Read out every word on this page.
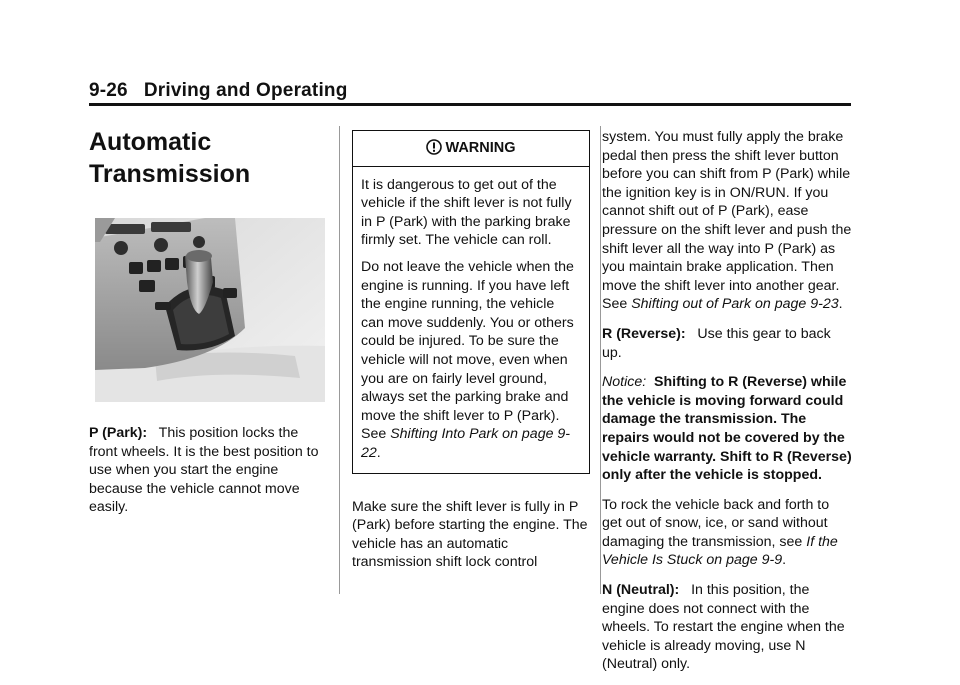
9-26 Driving and Operating
Automatic Transmission

P (Park): This position locks the front wheels. It is the best position to use when you start the engine because the vehicle cannot move easily.

WARNING

It is dangerous to get out of the vehicle if the shift lever is not fully in P (Park) with the parking brake firmly set. The vehicle can roll.

Do not leave the vehicle when the engine is running. If you have left the engine running, the vehicle can move suddenly. You or others could be injured. To be sure the vehicle will not move, even when you are on fairly level ground, always set the parking brake and move the shift lever to P (Park). See Shifting Into Park on page 9-22.

Make sure the shift lever is fully in P (Park) before starting the engine. The vehicle has an automatic transmission shift lock control

system. You must fully apply the brake pedal then press the shift lever button before you can shift from P (Park) while the ignition key is in ON/RUN. If you cannot shift out of P (Park), ease pressure on the shift lever and push the shift lever all the way into P (Park) as you maintain brake application. Then move the shift lever into another gear. See Shifting out of Park on page 9-23.

R (Reverse): Use this gear to back up.

Notice: Shifting to R (Reverse) while the vehicle is moving forward could damage the transmission. The repairs would not be covered by the vehicle warranty. Shift to R (Reverse) only after the vehicle is stopped.

To rock the vehicle back and forth to get out of snow, ice, or sand without damaging the transmission, see If the Vehicle Is Stuck on page 9-9.

N (Neutral): In this position, the engine does not connect with the wheels. To restart the engine when the vehicle is already moving, use N (Neutral) only.
